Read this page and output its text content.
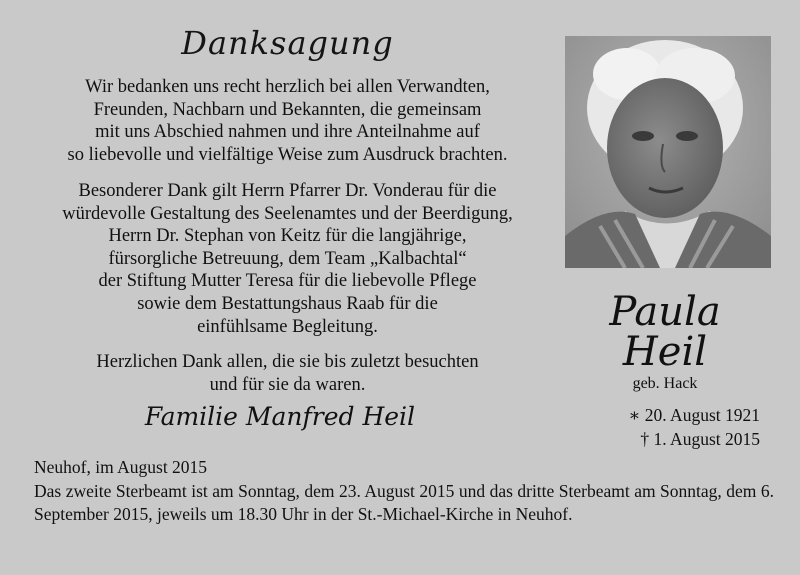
Danksagung
Wir bedanken uns recht herzlich bei allen Verwandten,
Freunden, Nachbarn und Bekannten, die gemeinsam
mit uns Abschied nahmen und ihre Anteilnahme auf
so liebevolle und vielfältige Weise zum Ausdruck brachten.
Besonderer Dank gilt Herrn Pfarrer Dr. Vonderau für die
würdevolle Gestaltung des Seelenamtes und der Beerdigung,
Herrn Dr. Stephan von Keitz für die langjährige,
fürsorgliche Betreuung, dem Team „Kalbachtal“
der Stiftung Mutter Teresa für die liebevolle Pflege
sowie dem Bestattungshaus Raab für die
einfühlsame Begleitung.
Herzlichen Dank allen, die sie bis zuletzt besuchten
und für sie da waren.
Familie Manfred Heil
Paula
Heil
geb. Hack
∗ 20. August 1921
† 1. August 2015
Neuhof, im August 2015
Das zweite Sterbeamt ist am Sonntag, dem 23. August 2015 und das dritte Sterbeamt am Sonntag, dem 6. September 2015, jeweils um 18.30 Uhr in der St.-Michael-Kirche in Neuhof.
